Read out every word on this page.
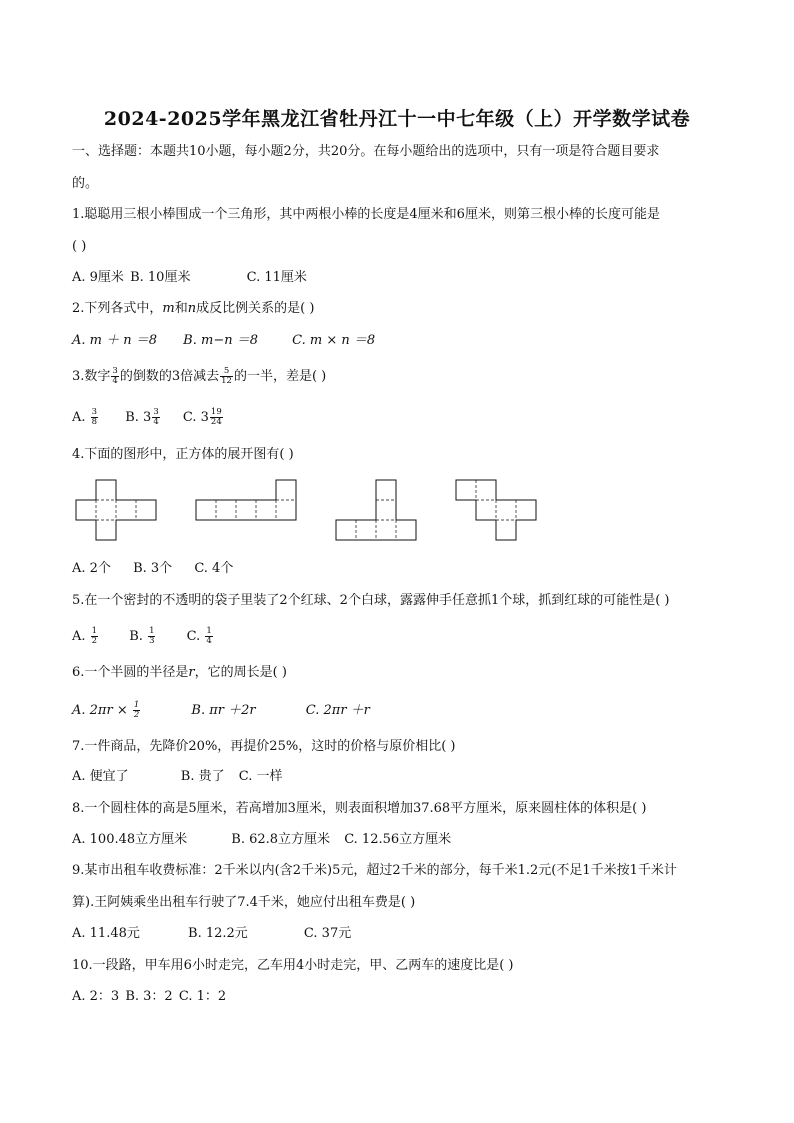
2024-2025学年黑龙江省牡丹江十一中七年级（上）开学数学试卷
一、选择题：本题共10小题，每小题2分，共20分。在每小题给出的选项中，只有一项是符合题目要求
的。
1.聪聪用三根小棒围成一个三角形，其中两根小棒的长度是4厘米和6厘米，则第三根小棒的长度可能是
( )
A. 9厘米 B. 10厘米	C. 11厘米
2.下列各式中，m和n成反比例关系的是( )
A. m ＋ n ＝8 B. m−n ＝8	C. m × n ＝8
3.数字 $\frac{3}{4}$ 的倒数的3倍减去 $\frac{5}{12}$ 的一半，差是( )
A. $\frac{3}{8} B$. $3 \frac{3}{4} C$. $3 \frac{19}{24}$
4.下面的图形中，正方体的展开图有( )
A. 2个 B. 3个 C. 4个
5.在一个密封的不透明的袋子里装了2个红球、2个白球，露露伸手任意抓1个球，抓到红球的可能性是( )
A. $\frac{1}{2} B$. $\frac{1}{3} C$. $\frac{1}{4}$
6.一个半圆的半径是r，它的周长是( )
A. $2\pi r \times \frac{1}{2}$	B. πr ＋2r	C. 2πr ＋r
7.一件商品，先降价20%，再提价25%，这时的价格与原价相比( )
A. 便宜了	B. 贵了 C. 一样
8.一个圆柱体的高是5厘米，若高增加3厘米，则表面积增加37.68平方厘米，原来圆柱体的体积是( )
A. 100.48立方厘米	B. 62.8立方厘米 C. 12.56立方厘米
9.某市出租车收费标准：2千米以内(含2千米)5元，超过2千米的部分，每千米1.2元(不足1千米按1千米计
算).王阿姨乘坐出租车行驶了7.4千米，她应付出租车费是( )
A. 11.48元	B. 12.2元	C. 37元
10.一段路，甲车用6小时走完，乙车用4小时走完，甲、乙两车的速度比是( )
A. 2：3 B. 3：2 C. 1：2
